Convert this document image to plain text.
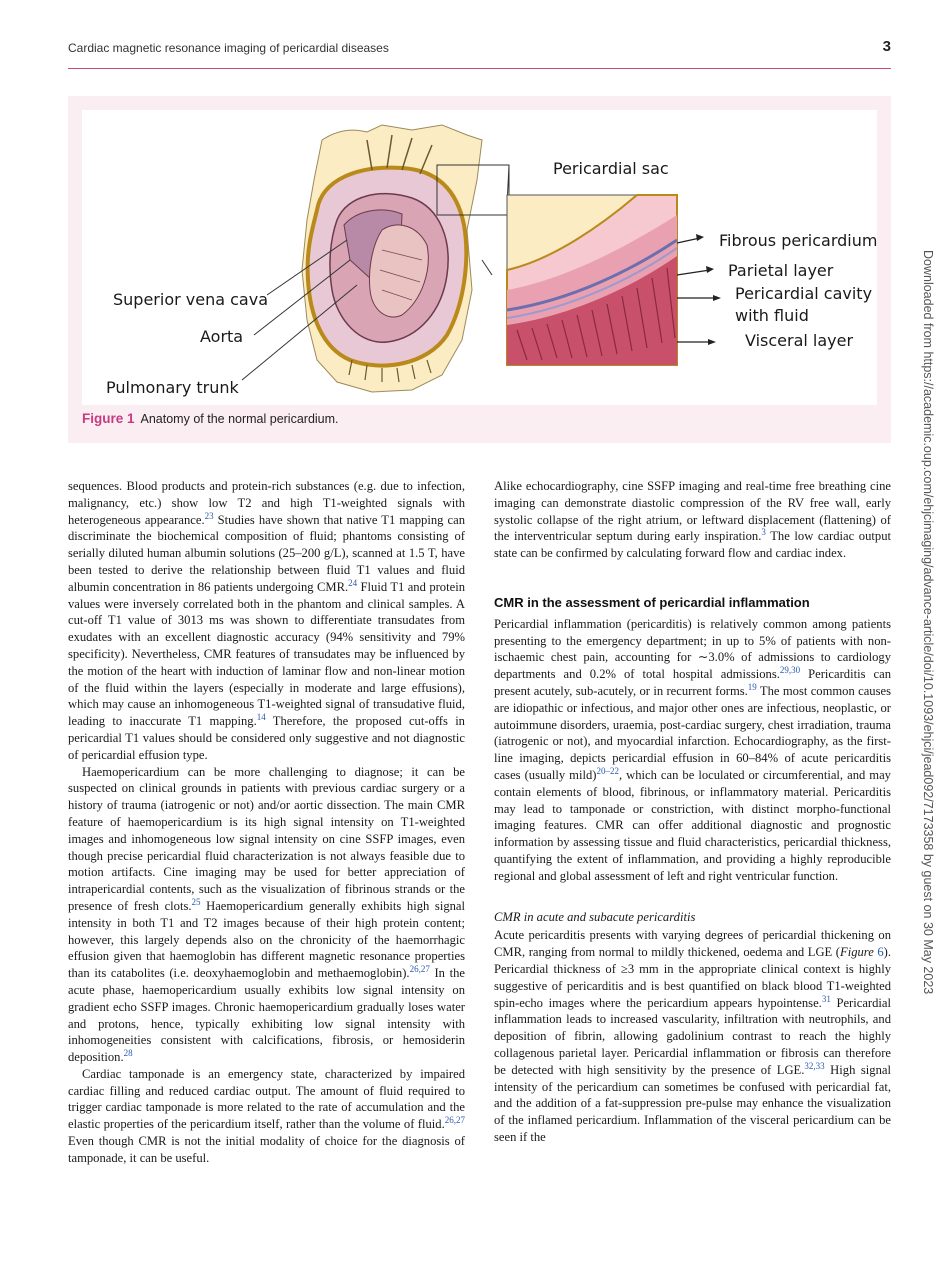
Cardiac magnetic resonance imaging of pericardial diseases	3
Pericardial sac
Fibrous pericardium
Parietal layer
Pericardial cavity
with fluid
Visceral layer
Superior vena cava
Aorta
Pulmonary trunk
Figure 1 Anatomy of the normal pericardium.

sequences. Blood products and protein-rich substances (e.g. due to infection, malignancy, etc.) show low T2 and high T1-weighted signals with heterogeneous appearance.$^{23}$ Studies have shown that native T1 mapping can discriminate the biochemical composition of fluid; phantoms consisting of serially diluted human albumin solutions (25–200 g/L), scanned at 1.5 T, have been tested to derive the relationship between fluid T1 values and fluid albumin concentration in 86 patients undergoing CMR.$^{24}$ Fluid T1 and protein values were inversely correlated both in the phantom and clinical samples. A cut-off T1 value of 3013 ms was shown to differentiate transudates from exudates with an excellent diagnostic accuracy (94% sensitivity and 79% specificity). Nevertheless, CMR features of transudates may be influenced by the motion of the heart with induction of laminar flow and non-linear motion of the fluid within the layers (especially in moderate and large effusions), which may cause an inhomogeneous T1-weighted signal of transudative fluid, leading to inaccurate T1 mapping.$^{14}$ Therefore, the proposed cut-offs in pericardial T1 values should be considered only suggestive and not diagnostic of pericardial effusion type.

Haemopericardium can be more challenging to diagnose; it can be suspected on clinical grounds in patients with previous cardiac surgery or a history of trauma (iatrogenic or not) and/or aortic dissection. The main CMR feature of haemopericardium is its high signal intensity on T1-weighted images and inhomogeneous low signal intensity on cine SSFP images, even though precise pericardial fluid characterization is not always feasible due to motion artifacts. Cine imaging may be used for better appreciation of intrapericardial contents, such as the visualization of fibrinous strands or the presence of fresh clots.$^{25}$ Haemopericardium generally exhibits high signal intensity in both T1 and T2 images because of their high protein content; however, this largely depends also on the chronicity of the haemorrhagic effusion given that haemoglobin has different magnetic resonance properties than its catabolites (i.e. deoxyhaemoglobin and methaemoglobin).$^{26,27}$ In the acute phase, haemopericardium usually exhibits low signal intensity on gradient echo SSFP images. Chronic haemopericardium gradually loses water and protons, hence, typically exhibiting low signal intensity with inhomogeneities consistent with calcifications, fibrosis, or hemosiderin deposition.$^{28}$

Cardiac tamponade is an emergency state, characterized by impaired cardiac filling and reduced cardiac output. The amount of fluid required to trigger cardiac tamponade is more related to the rate of accumulation and the elastic properties of the pericardium itself, rather than the volume of fluid.$^{26,27}$ Even though CMR is not the initial modality of choice for the diagnosis of tamponade, it can be useful.

Alike echocardiography, cine SSFP imaging and real-time free breathing cine imaging can demonstrate diastolic compression of the RV free wall, early systolic collapse of the right atrium, or leftward displacement (flattening) of the interventricular septum during early inspiration.$^3$ The low cardiac output state can be confirmed by calculating forward flow and cardiac index.

CMR in the assessment of pericardial inflammation

Pericardial inflammation (pericarditis) is relatively common among patients presenting to the emergency department; in up to 5% of patients with non-ischaemic chest pain, accounting for ∼3.0% of admissions to cardiology departments and 0.2% of total hospital admissions.$^{29,30}$ Pericarditis can present acutely, sub-acutely, or in recurrent forms.$^{19}$ The most common causes are idiopathic or infectious, and major other ones are infectious, neoplastic, or autoimmune disorders, uraemia, post-cardiac surgery, chest irradiation, trauma (iatrogenic or not), and myocardial infarction. Echocardiography, as the first-line imaging, depicts pericardial effusion in 60–84% of acute pericarditis cases (usually mild)$^{20-22}$, which can be loculated or circumferential, and may contain elements of blood, fibrinous, or inflammatory material. Pericarditis may lead to tamponade or constriction, with distinct morpho-functional imaging features. CMR can offer additional diagnostic and prognostic information by assessing tissue and fluid characteristics, pericardial thickness, quantifying the extent of inflammation, and providing a highly reproducible regional and global assessment of left and right ventricular function.

CMR in acute and subacute pericarditis

Acute pericarditis presents with varying degrees of pericardial thickening on CMR, ranging from normal to mildly thickened, oedema and LGE (Figure 6). Pericardial thickness of ≥3 mm in the appropriate clinical context is highly suggestive of pericarditis and is best quantified on black blood T1-weighted spin-echo images where the pericardium appears hypointense.$^{31}$ Pericardial inflammation leads to increased vascularity, infiltration with neutrophils, and deposition of fibrin, allowing gadolinium contrast to reach the highly collagenous parietal layer. Pericardial inflammation or fibrosis can therefore be detected with high sensitivity by the presence of LGE.$^{32,33}$ High signal intensity of the pericardium can sometimes be confused with pericardial fat, and the addition of a fat-suppression pre-pulse may enhance the visualization of the inflamed pericardium. Inflammation of the visceral pericardium can be seen if the

Downloaded from https://academic.oup.com/ehjcimaging/advance-article/doi/10.1093/ehjci/jead092/7173358 by guest on 30 May 2023
